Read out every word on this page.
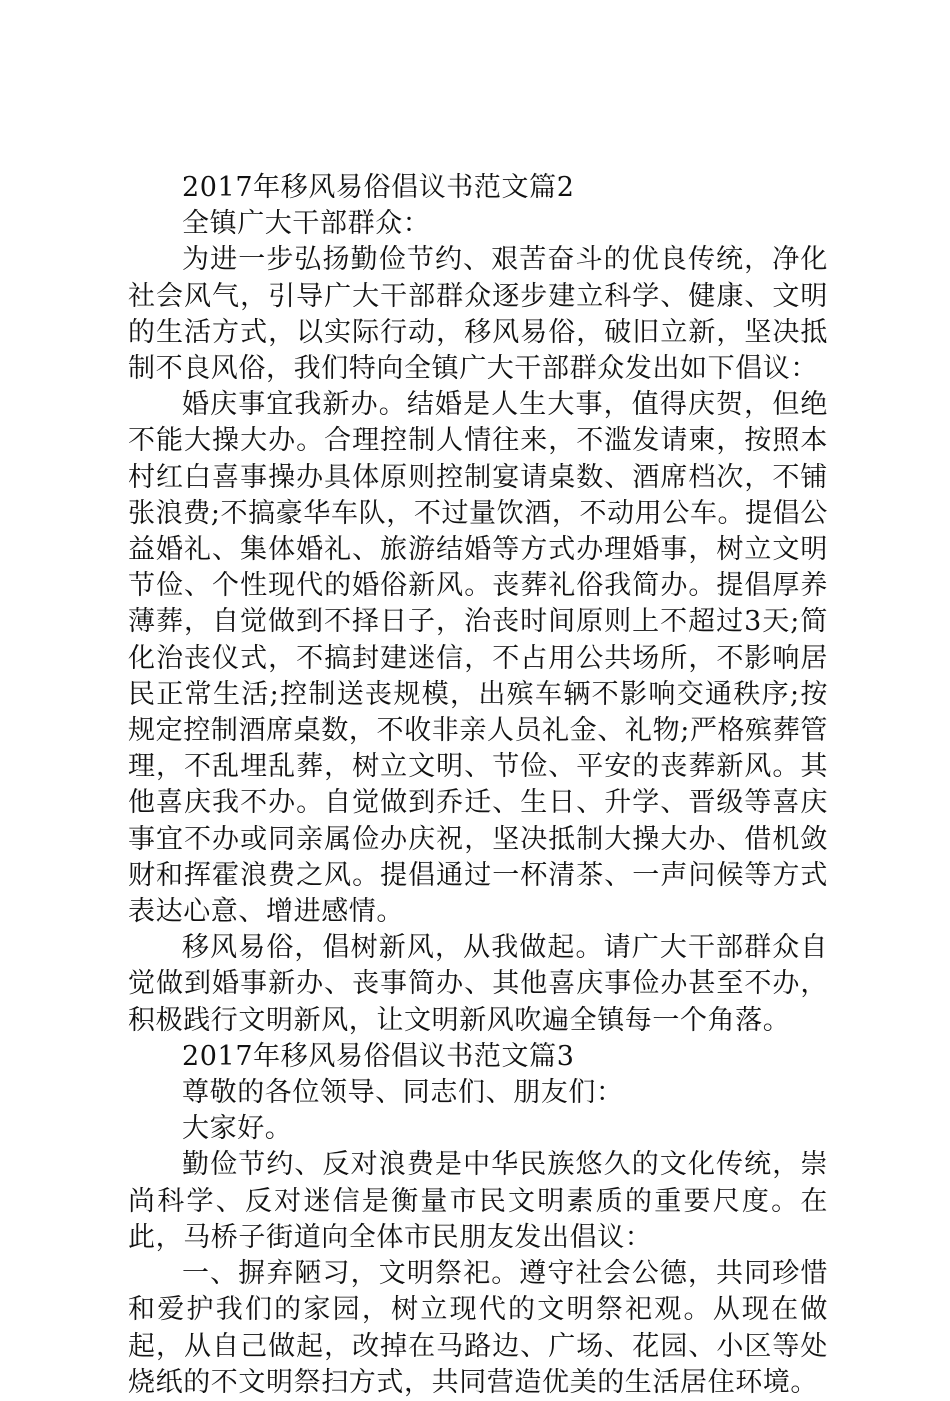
2017年移风易俗倡议书范文篇2

全镇广大干部群众：

为进一步弘扬勤俭节约、艰苦奋斗的优良传统，净化社会风气，引导广大干部群众逐步建立科学、健康、文明的生活方式，以实际行动，移风易俗，破旧立新，坚决抵制不良风俗，我们特向全镇广大干部群众发出如下倡议：

婚庆事宜我新办。结婚是人生大事，值得庆贺，但绝不能大操大办。合理控制人情往来，不滥发请柬，按照本村红白喜事操办具体原则控制宴请桌数、酒席档次，不铺张浪费;不搞豪华车队，不过量饮酒，不动用公车。提倡公益婚礼、集体婚礼、旅游结婚等方式办理婚事，树立文明节俭、个性现代的婚俗新风。丧葬礼俗我简办。提倡厚养薄葬，自觉做到不择日子，治丧时间原则上不超过3天;简化治丧仪式，不搞封建迷信，不占用公共场所，不影响居民正常生活;控制送丧规模，出殡车辆不影响交通秩序;按规定控制酒席桌数，不收非亲人员礼金、礼物;严格殡葬管理，不乱埋乱葬，树立文明、节俭、平安的丧葬新风。其他喜庆我不办。自觉做到乔迁、生日、升学、晋级等喜庆事宜不办或同亲属俭办庆祝，坚决抵制大操大办、借机敛财和挥霍浪费之风。提倡通过一杯清茶、一声问候等方式表达心意、增进感情。

移风易俗，倡树新风，从我做起。请广大干部群众自觉做到婚事新办、丧事简办、其他喜庆事俭办甚至不办，积极践行文明新风，让文明新风吹遍全镇每一个角落。

2017年移风易俗倡议书范文篇3

尊敬的各位领导、同志们、朋友们：

大家好。

勤俭节约、反对浪费是中华民族悠久的文化传统，崇尚科学、反对迷信是衡量市民文明素质的重要尺度。在此，马桥子街道向全体市民朋友发出倡议：

一、摒弃陋习，文明祭祀。遵守社会公德，共同珍惜和爱护我们的家园，树立现代的文明祭祀观。从现在做起，从自己做起，改掉在马路边、广场、花园、小区等处烧纸的不文明祭扫方式，共同营造优美的生活居住环境。
